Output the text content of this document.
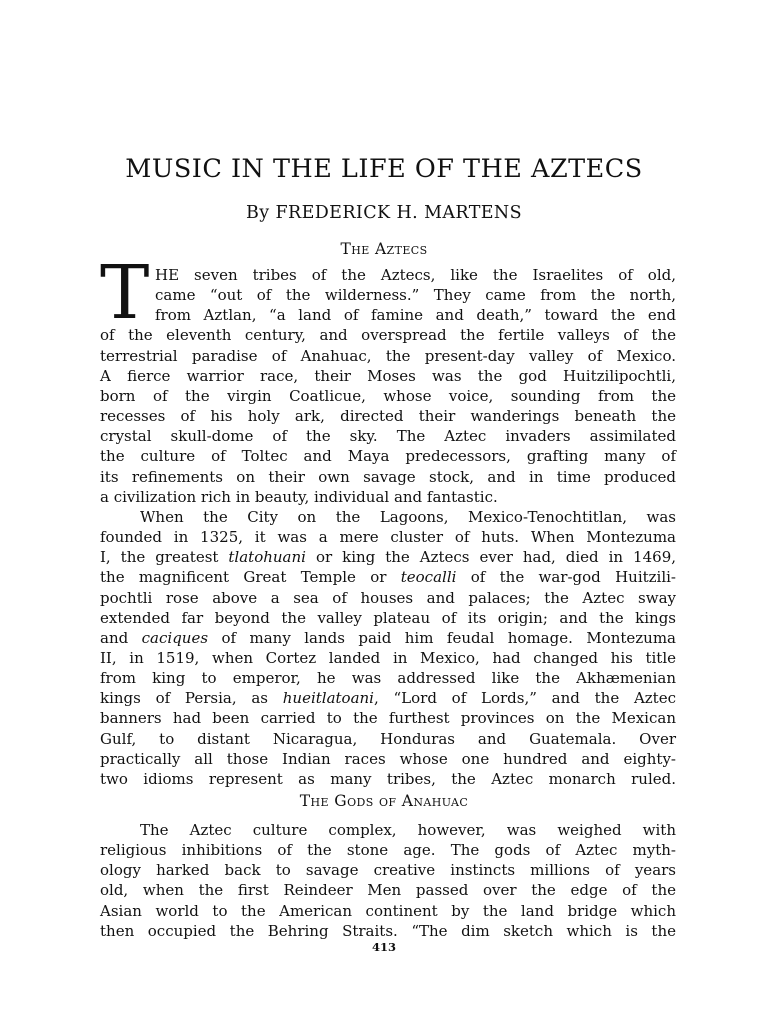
MUSIC IN THE LIFE OF THE AZTECS
By FREDERICK H. MARTENS
The Aztecs
T HE seven tribes of the Aztecs, like the Israelites of old,
came “out of the wilderness.” They came from the north,
from Aztlan, “a land of famine and death,” toward the end
of the eleventh century, and overspread the fertile valleys of the
terrestrial paradise of Anahuac, the present-day valley of Mexico.
A fierce warrior race, their Moses was the god Huitzilipochtli,
born of the virgin Coatlicue, whose voice, sounding from the
recesses of his holy ark, directed their wanderings beneath the
crystal skull-dome of the sky. The Aztec invaders assimilated
the culture of Toltec and Maya predecessors, grafting many of
its refinements on their own savage stock, and in time produced
a civilization rich in beauty, individual and fantastic.
When the City on the Lagoons, Mexico-Tenochtitlan, was
founded in 1325, it was a mere cluster of huts. When Montezuma
I, the greatest tlatohuani or king the Aztecs ever had, died in 1469,
the magnificent Great Temple or teocalli of the war-god Huitzili-
pochtli rose above a sea of houses and palaces; the Aztec sway
extended far beyond the valley plateau of its origin; and the kings
and caciques of many lands paid him feudal homage. Montezuma
II, in 1519, when Cortez landed in Mexico, had changed his title
from king to emperor, he was addressed like the Akhæmenian
kings of Persia, as hueitlatoani, “Lord of Lords,” and the Aztec
banners had been carried to the furthest provinces on the Mexican
Gulf, to distant Nicaragua, Honduras and Guatemala. Over
practically all those Indian races whose one hundred and eighty-
two idioms represent as many tribes, the Aztec monarch ruled.
The Gods of Anahuac
The Aztec culture complex, however, was weighed with
religious inhibitions of the stone age. The gods of Aztec myth-
ology harked back to savage creative instincts millions of years
old, when the first Reindeer Men passed over the edge of the
Asian world to the American continent by the land bridge which
then occupied the Behring Straits. “The dim sketch which is the
413
